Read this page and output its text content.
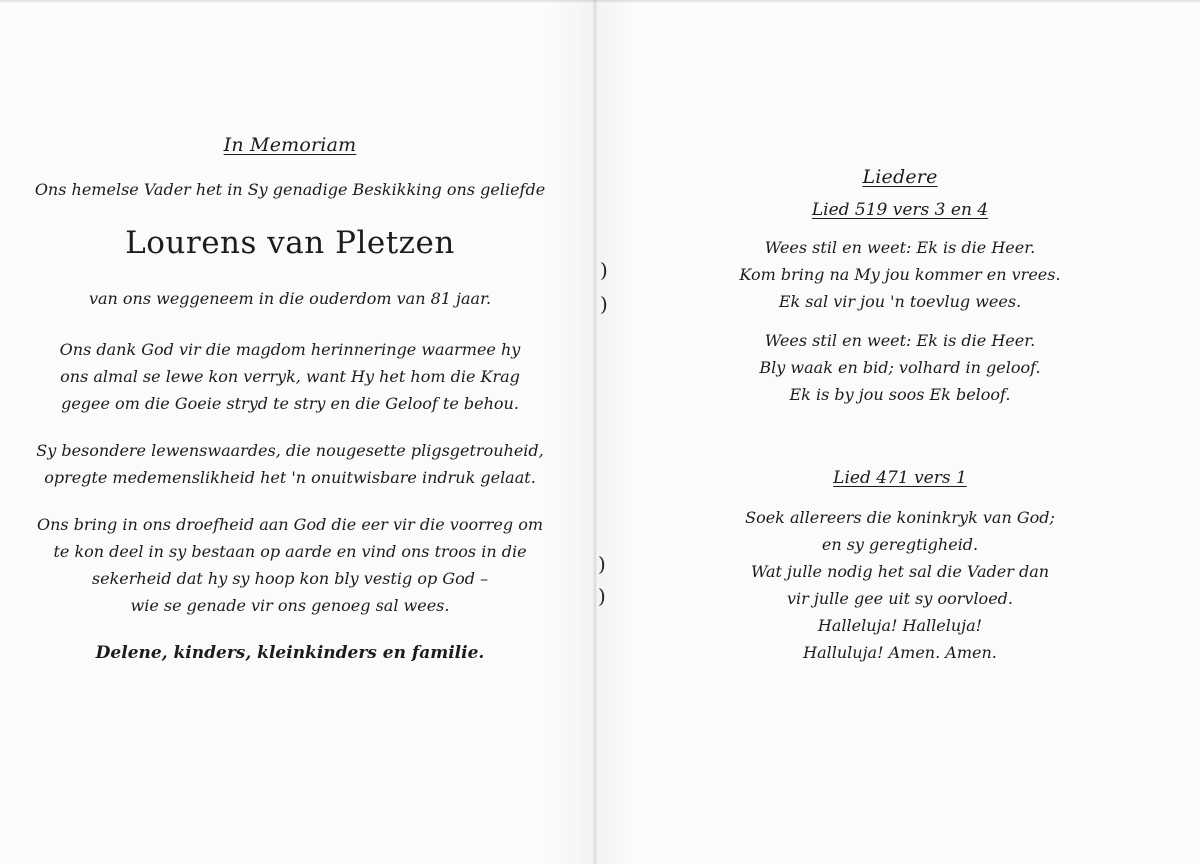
In Memoriam
Ons hemelse Vader het in Sy genadige Beskikking ons geliefde
Lourens van Pletzen
van ons weggeneem in die ouderdom van 81 jaar.
Ons dank God vir die magdom herinneringe waarmee hy
ons almal se lewe kon verryk, want Hy het hom die Krag
gegee om die Goeie stryd te stry en die Geloof te behou.
Sy besondere lewenswaardes, die nougesette pligsgetrouheid,
opregte medemenslikheid het 'n onuitwisbare indruk gelaat.
Ons bring in ons droefheid aan God die eer vir die voorreg om
te kon deel in sy bestaan op aarde en vind ons troos in die
sekerheid dat hy sy hoop kon bly vestig op God –
wie se genade vir ons genoeg sal wees.
Delene, kinders, kleinkinders en familie.
)
)
)
)
Liedere
Lied 519 vers 3 en 4
Wees stil en weet: Ek is die Heer.
Kom bring na My jou kommer en vrees.
Ek sal vir jou 'n toevlug wees.
Wees stil en weet: Ek is die Heer.
Bly waak en bid; volhard in geloof.
Ek is by jou soos Ek beloof.
Lied 471 vers 1
Soek allereers die koninkryk van God;
en sy geregtigheid.
Wat julle nodig het sal die Vader dan
vir julle gee uit sy oorvloed.
Halleluja! Halleluja!
Halluluja! Amen. Amen.
